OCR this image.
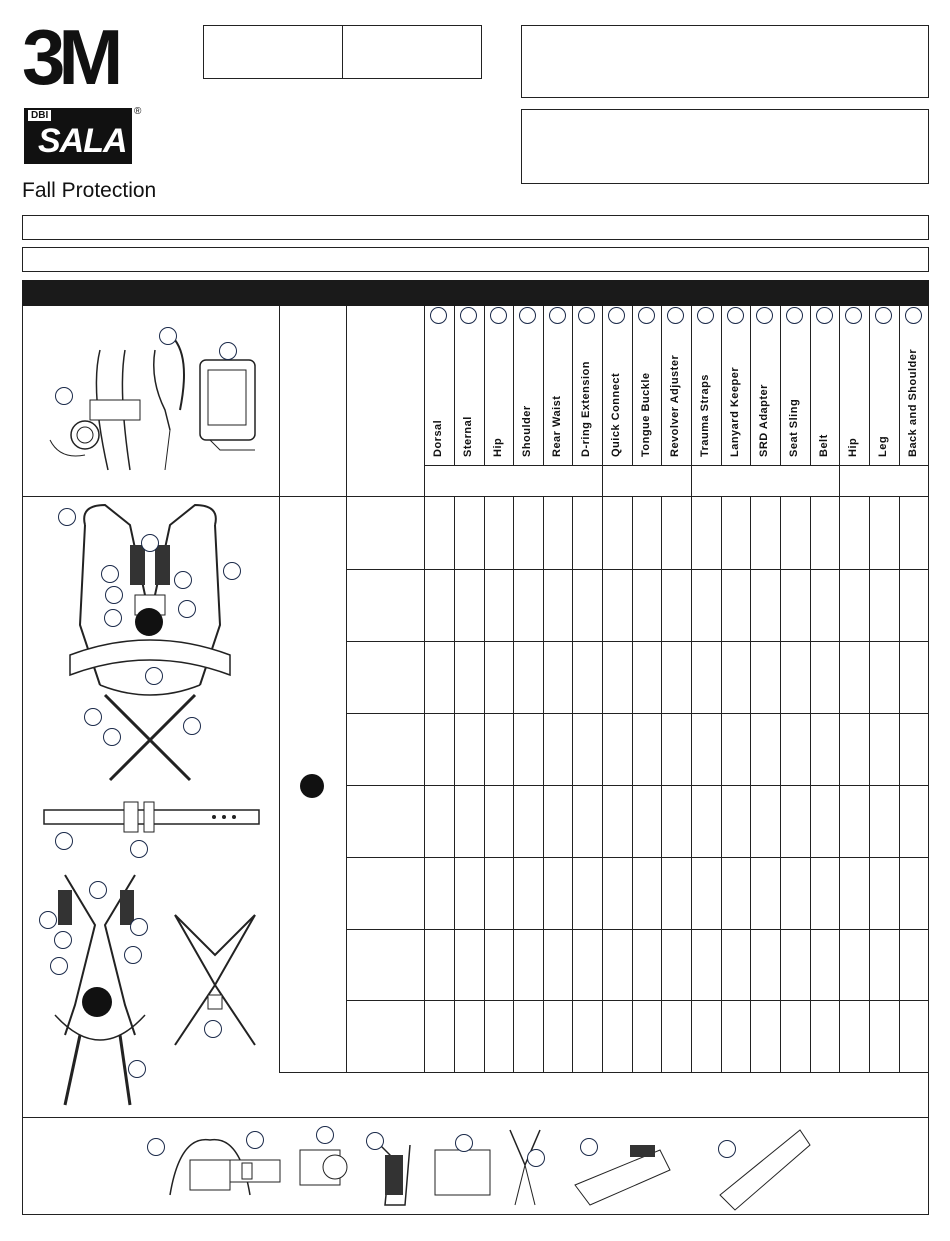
3M
DBI
SALA
®
Fall Protection
Dorsal Sternal Hip Shoulder Rear Waist D-ring Extension Quick Connect Tongue Buckle Revolver Adjuster Trauma Straps Lanyard Keeper SRD Adapter Seat Sling Belt Hip Leg Back and Shoulder
